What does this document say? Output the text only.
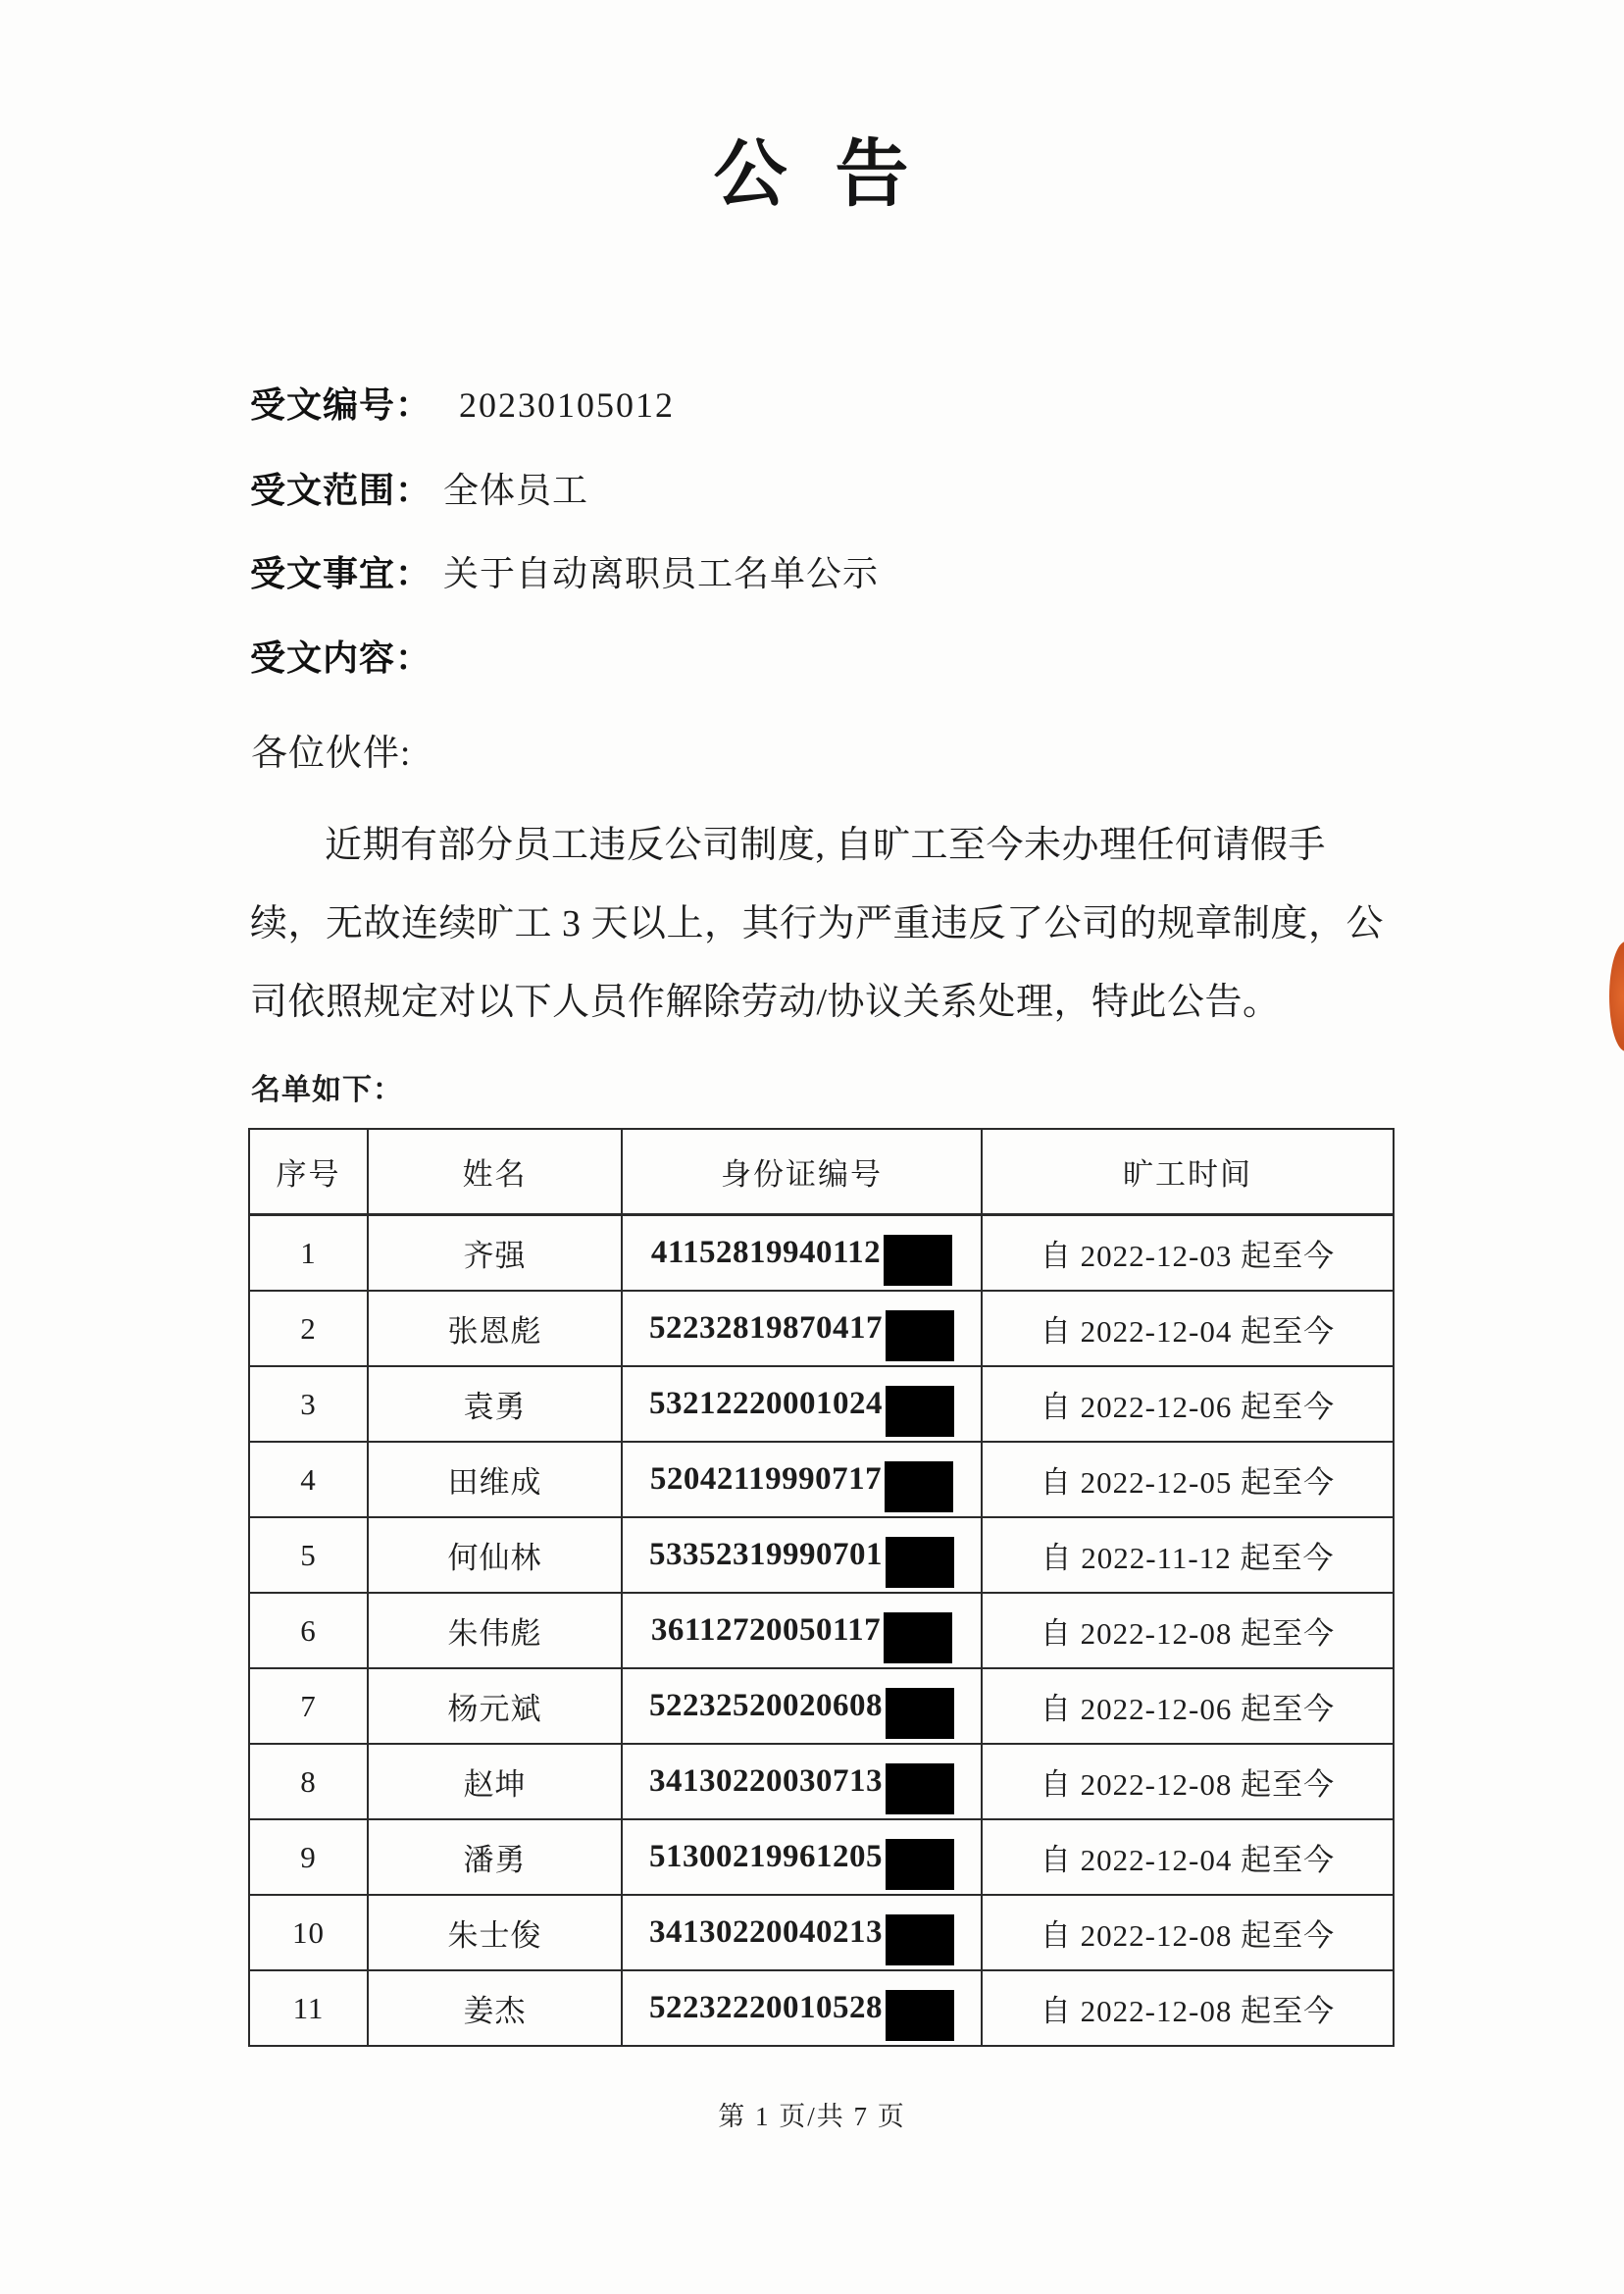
公 告
受文编号： 20230105012
受文范围： 全体员工
受文事宜： 关于自动离职员工名单公示
受文内容：
各位伙伴:
近期有部分员工违反公司制度, 自旷工至今未办理任何请假手
续，无故连续旷工 3 天以上，其行为严重违反了公司的规章制度，公
司依照规定对以下人员作解除劳动/协议关系处理，特此公告。
名单如下：
序号	姓名	身份证编号	旷工时间
1	齐强	41152819940112	自 2022-12-03 起至今
2	张恩彪	52232819870417	自 2022-12-04 起至今
3	袁勇	53212220001024	自 2022-12-06 起至今
4	田维成	52042119990717	自 2022-12-05 起至今
5	何仙林	53352319990701	自 2022-11-12 起至今
6	朱伟彪	36112720050117	自 2022-12-08 起至今
7	杨元斌	52232520020608	自 2022-12-06 起至今
8	赵坤	34130220030713	自 2022-12-08 起至今
9	潘勇	51300219961205	自 2022-12-04 起至今
10	朱士俊	34130220040213	自 2022-12-08 起至今
11	姜杰	52232220010528	自 2022-12-08 起至今
第 1 页/共 7 页
